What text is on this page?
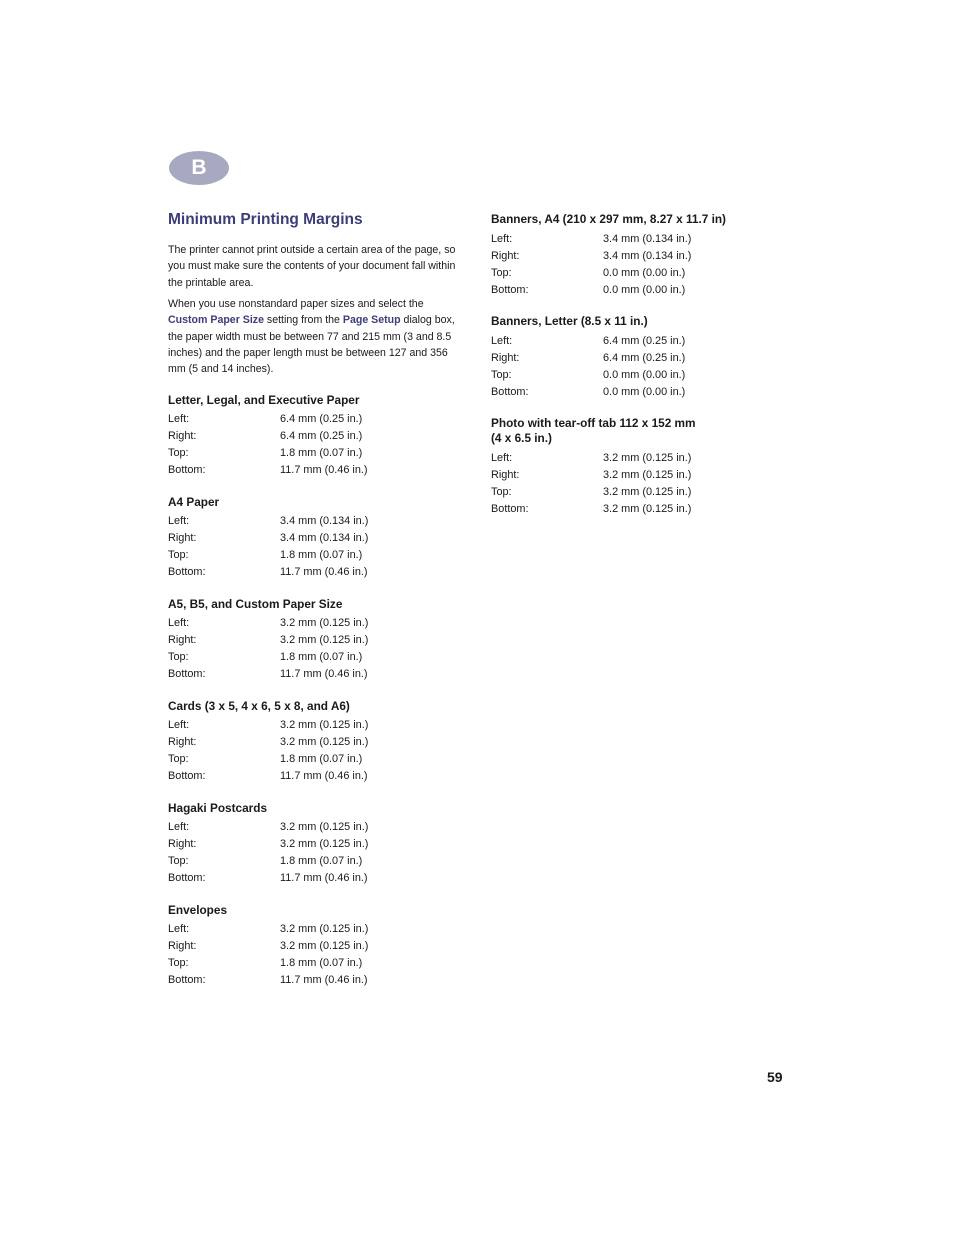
B
Minimum Printing Margins

The printer cannot print outside a certain area of the page, so you must make sure the contents of your document fall within the printable area.

When you use nonstandard paper sizes and select the Custom Paper Size setting from the Page Setup dialog box, the paper width must be between 77 and 215 mm (3 and 8.5 inches) and the paper length must be between 127 and 356 mm (5 and 14 inches).

Letter, Legal, and Executive Paper
Left:	6.4 mm (0.25 in.)
Right:	6.4 mm (0.25 in.)
Top:	1.8 mm (0.07 in.)
Bottom:	11.7 mm (0.46 in.)
A4 Paper
Left:	3.4 mm (0.134 in.)
Right:	3.4 mm (0.134 in.)
Top:	1.8 mm (0.07 in.)
Bottom:	11.7 mm (0.46 in.)
A5, B5, and Custom Paper Size
Left:	3.2 mm (0.125 in.)
Right:	3.2 mm (0.125 in.)
Top:	1.8 mm (0.07 in.)
Bottom:	11.7 mm (0.46 in.)
Cards (3 x 5, 4 x 6, 5 x 8, and A6)
Left:	3.2 mm (0.125 in.)
Right:	3.2 mm (0.125 in.)
Top:	1.8 mm (0.07 in.)
Bottom:	11.7 mm (0.46 in.)
Hagaki Postcards
Left:	3.2 mm (0.125 in.)
Right:	3.2 mm (0.125 in.)
Top:	1.8 mm (0.07 in.)
Bottom:	11.7 mm (0.46 in.)
Envelopes
Left:	3.2 mm (0.125 in.)
Right:	3.2 mm (0.125 in.)
Top:	1.8 mm (0.07 in.)
Bottom:	11.7 mm (0.46 in.)
Banners, A4 (210 x 297 mm, 8.27 x 11.7 in)
Left:	3.4 mm (0.134 in.)
Right:	3.4 mm (0.134 in.)
Top:	0.0 mm (0.00 in.)
Bottom:	0.0 mm (0.00 in.)
Banners, Letter (8.5 x 11 in.)
Left:	6.4 mm (0.25 in.)
Right:	6.4 mm (0.25 in.)
Top:	0.0 mm (0.00 in.)
Bottom:	0.0 mm (0.00 in.)
Photo with tear-off tab 112 x 152 mm
(4 x 6.5 in.)
Left:	3.2 mm (0.125 in.)
Right:	3.2 mm (0.125 in.)
Top:	3.2 mm (0.125 in.)
Bottom:	3.2 mm (0.125 in.)
59
